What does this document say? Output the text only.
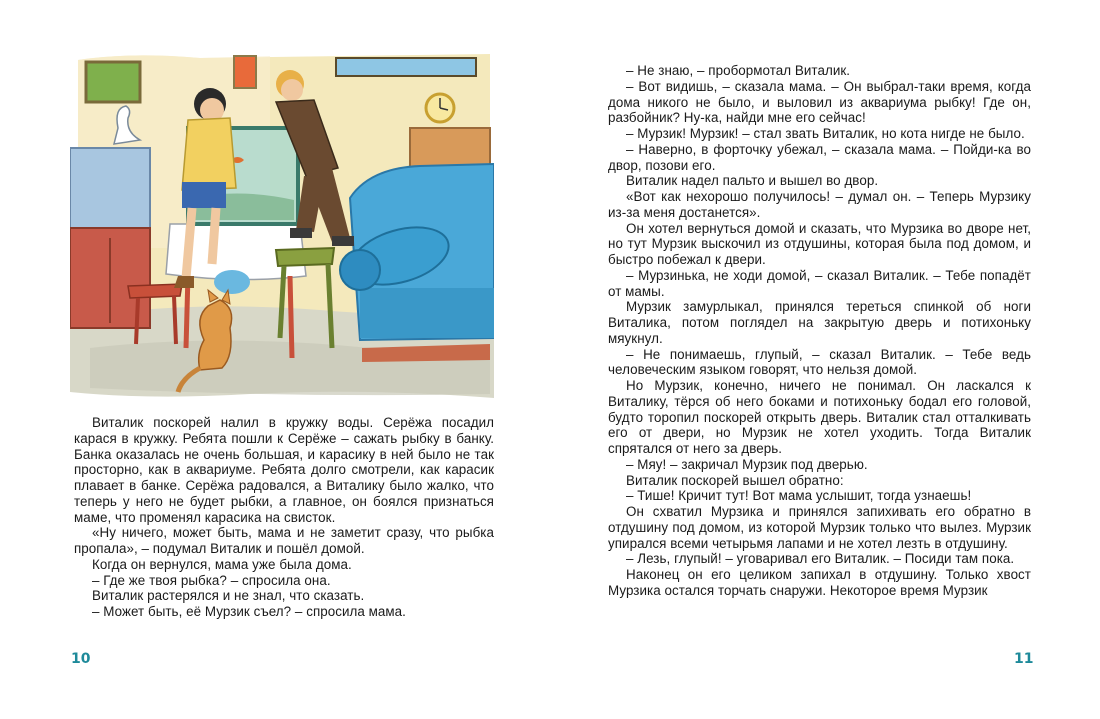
Виталик поскорей налил в кружку воды. Серёжа посадил карася в кружку. Ребята пошли к Серёже – сажать рыбку в банку. Банка оказалась не очень большая, и карасику в ней было не так просторно, как в аквариуме. Ребята долго смотрели, как карасик плавает в банке. Серёжа радовался, а Виталику было жалко, что теперь у него не будет рыбки, а главное, он боялся признаться маме, что променял карасика на свисток.

«Ну ничего, может быть, мама и не заметит сразу, что рыбка пропала», – подумал Виталик и пошёл домой.

Когда он вернулся, мама уже была дома.

– Где же твоя рыбка? – спросила она.

Виталик растерялся и не знал, что сказать.

– Может быть, её Мурзик съел? – спросила мама.

– Не знаю, – пробормотал Виталик.

– Вот видишь, – сказала мама. – Он выбрал-таки время, когда дома никого не было, и выловил из аквариума рыбку! Где он, разбойник? Ну-ка, найди мне его сейчас!

– Мурзик! Мурзик! – стал звать Виталик, но кота нигде не было.

– Наверно, в форточку убежал, – сказала мама. – Пойди-ка во двор, позови его.

Виталик надел пальто и вышел во двор.

«Вот как нехорошо получилось! – думал он. – Теперь Мурзику из-за меня достанется».

Он хотел вернуться домой и сказать, что Мурзика во дворе нет, но тут Мурзик выскочил из отдушины, которая была под домом, и быстро побежал к двери.

– Мурзинька, не ходи домой, – сказал Виталик. – Тебе попадёт от мамы.

Мурзик замурлыкал, принялся тереться спинкой об ноги Виталика, потом поглядел на закрытую дверь и потихоньку мяукнул.

– Не понимаешь, глупый, – сказал Виталик. – Тебе ведь человеческим языком говорят, что нельзя домой.

Но Мурзик, конечно, ничего не понимал. Он ласкался к Виталику, тёрся об него боками и потихоньку бодал его головой, будто торопил поскорей открыть дверь. Виталик стал отталкивать его от двери, но Мурзик не хотел уходить. Тогда Виталик спрятался от него за дверь.

– Мяу! – закричал Мурзик под дверью.

Виталик поскорей вышел обратно:

– Тише! Кричит тут! Вот мама услышит, тогда узнаешь!

Он схватил Мурзика и принялся запихивать его обратно в отдушину под домом, из которой Мурзик только что вылез. Мурзик упирался всеми четырьмя лапами и не хотел лезть в отдушину.

– Лезь, глупый! – уговаривал его Виталик. – Посиди там пока.

Наконец он его целиком запихал в отдушину. Только хвост Мурзика остался торчать снаружи. Некоторое время Мурзик

10	11
